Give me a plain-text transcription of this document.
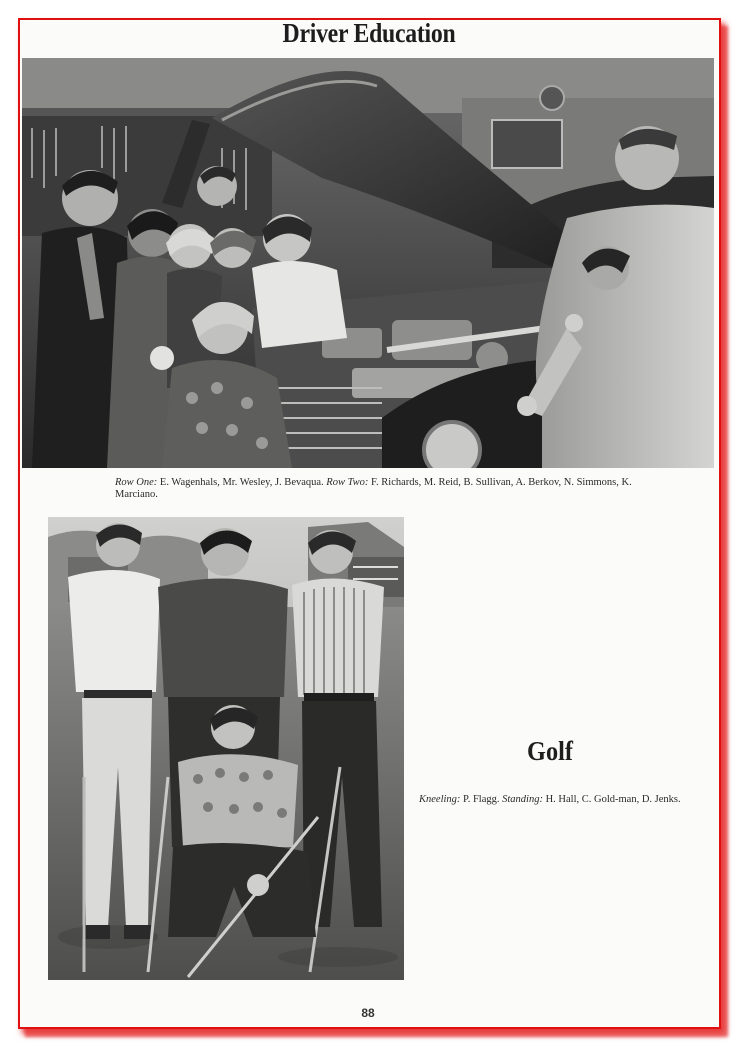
Driver Education
Row One: E. Wagenhals, Mr. Wesley, J. Bevaqua. Row Two: F. Richards, M. Reid, B. Sullivan, A. Berkov, N. Simmons, K. Marciano.
Golf
Kneeling: P. Flagg. Standing: H. Hall, C. Gold-man, D. Jenks.
88
